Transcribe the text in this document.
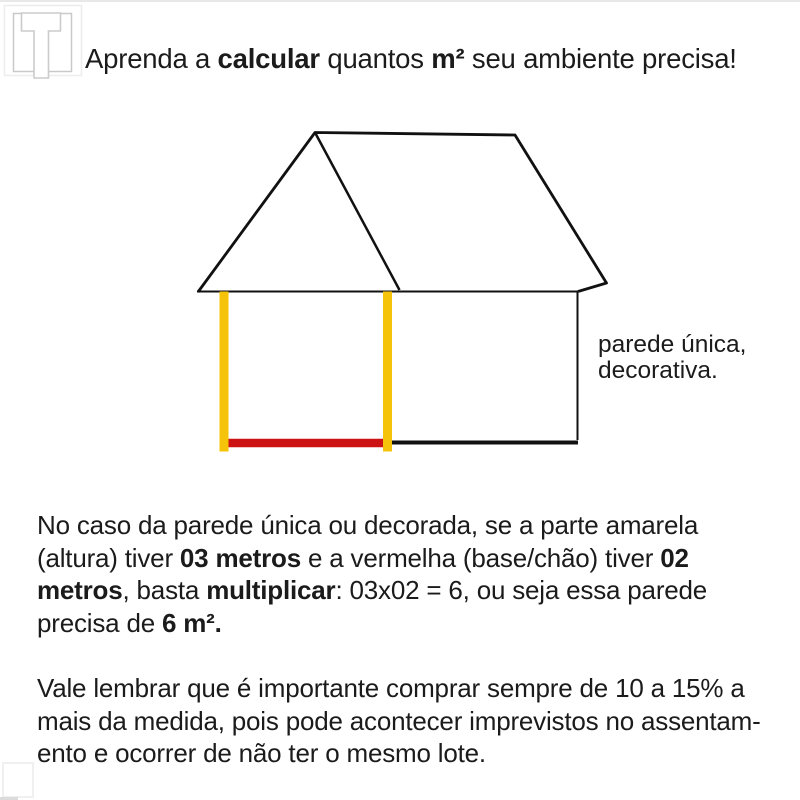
Aprenda a calcular quantos m² seu ambiente precisa!
parede única,
decorativa.
No caso da parede única ou decorada, se a parte amarela
(altura) tiver 03 metros e a vermelha (base/chão) tiver 02
metros, basta multiplicar: 03x02 = 6, ou seja essa parede
precisa de 6 m².
Vale lembrar que é importante comprar sempre de 10 a 15% a
mais da medida, pois pode acontecer imprevistos no assentam-
ento e ocorrer de não ter o mesmo lote.
